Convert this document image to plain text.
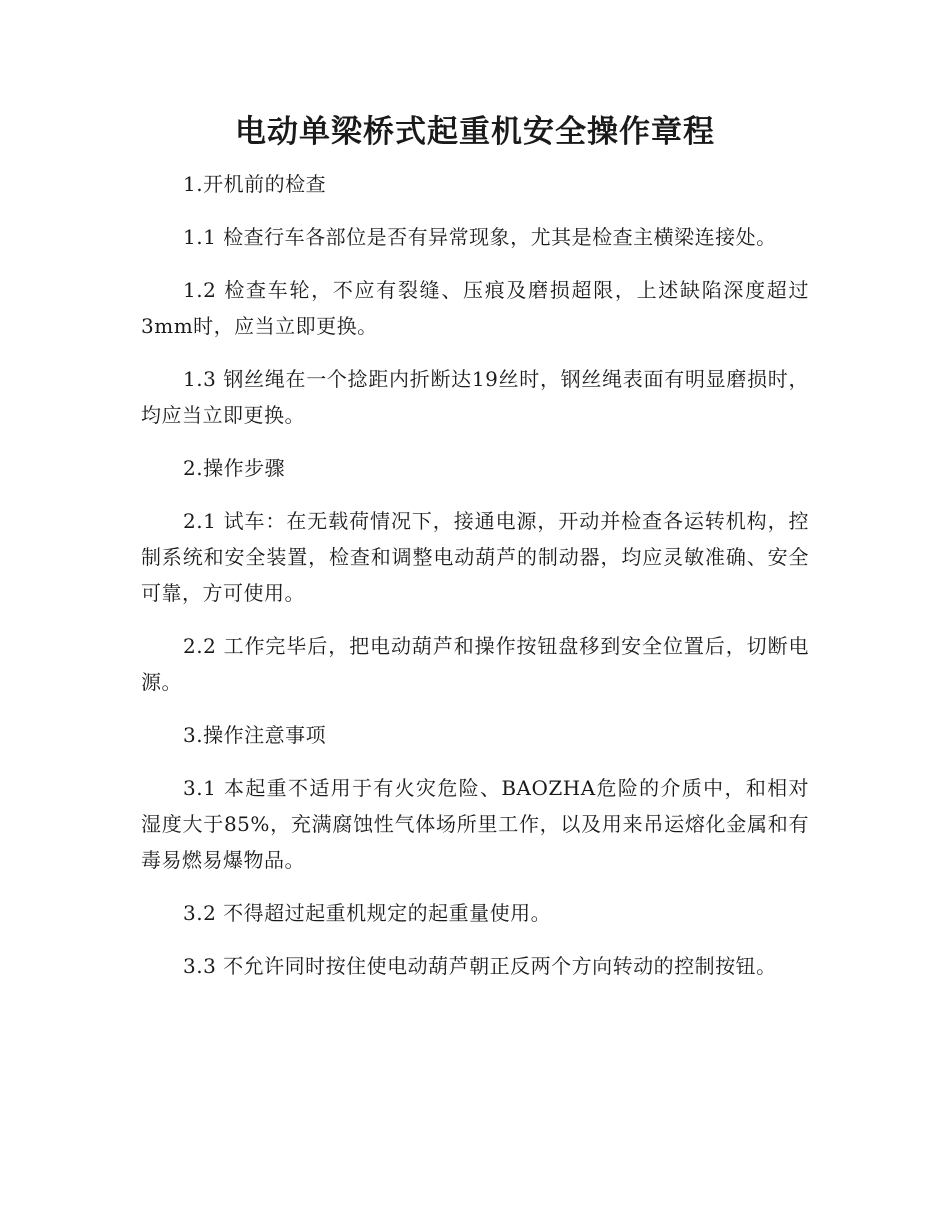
电动单梁桥式起重机安全操作章程

1.开机前的检查

1.1 检查行车各部位是否有异常现象，尤其是检查主横梁连接处。

1.2 检查车轮，不应有裂缝、压痕及磨损超限，上述缺陷深度超过3mm时，应当立即更换。

1.3 钢丝绳在一个捻距内折断达19丝时，钢丝绳表面有明显磨损时，均应当立即更换。

2.操作步骤

2.1 试车：在无载荷情况下，接通电源，开动并检查各运转机构，控制系统和安全装置，检查和调整电动葫芦的制动器，均应灵敏准确、安全可靠，方可使用。

2.2 工作完毕后，把电动葫芦和操作按钮盘移到安全位置后，切断电源。

3.操作注意事项

3.1 本起重不适用于有火灾危险、BAOZHA危险的介质中，和相对湿度大于85%，充满腐蚀性气体场所里工作，以及用来吊运熔化金属和有毒易燃易爆物品。

3.2 不得超过起重机规定的起重量使用。

3.3 不允许同时按住使电动葫芦朝正反两个方向转动的控制按钮。
